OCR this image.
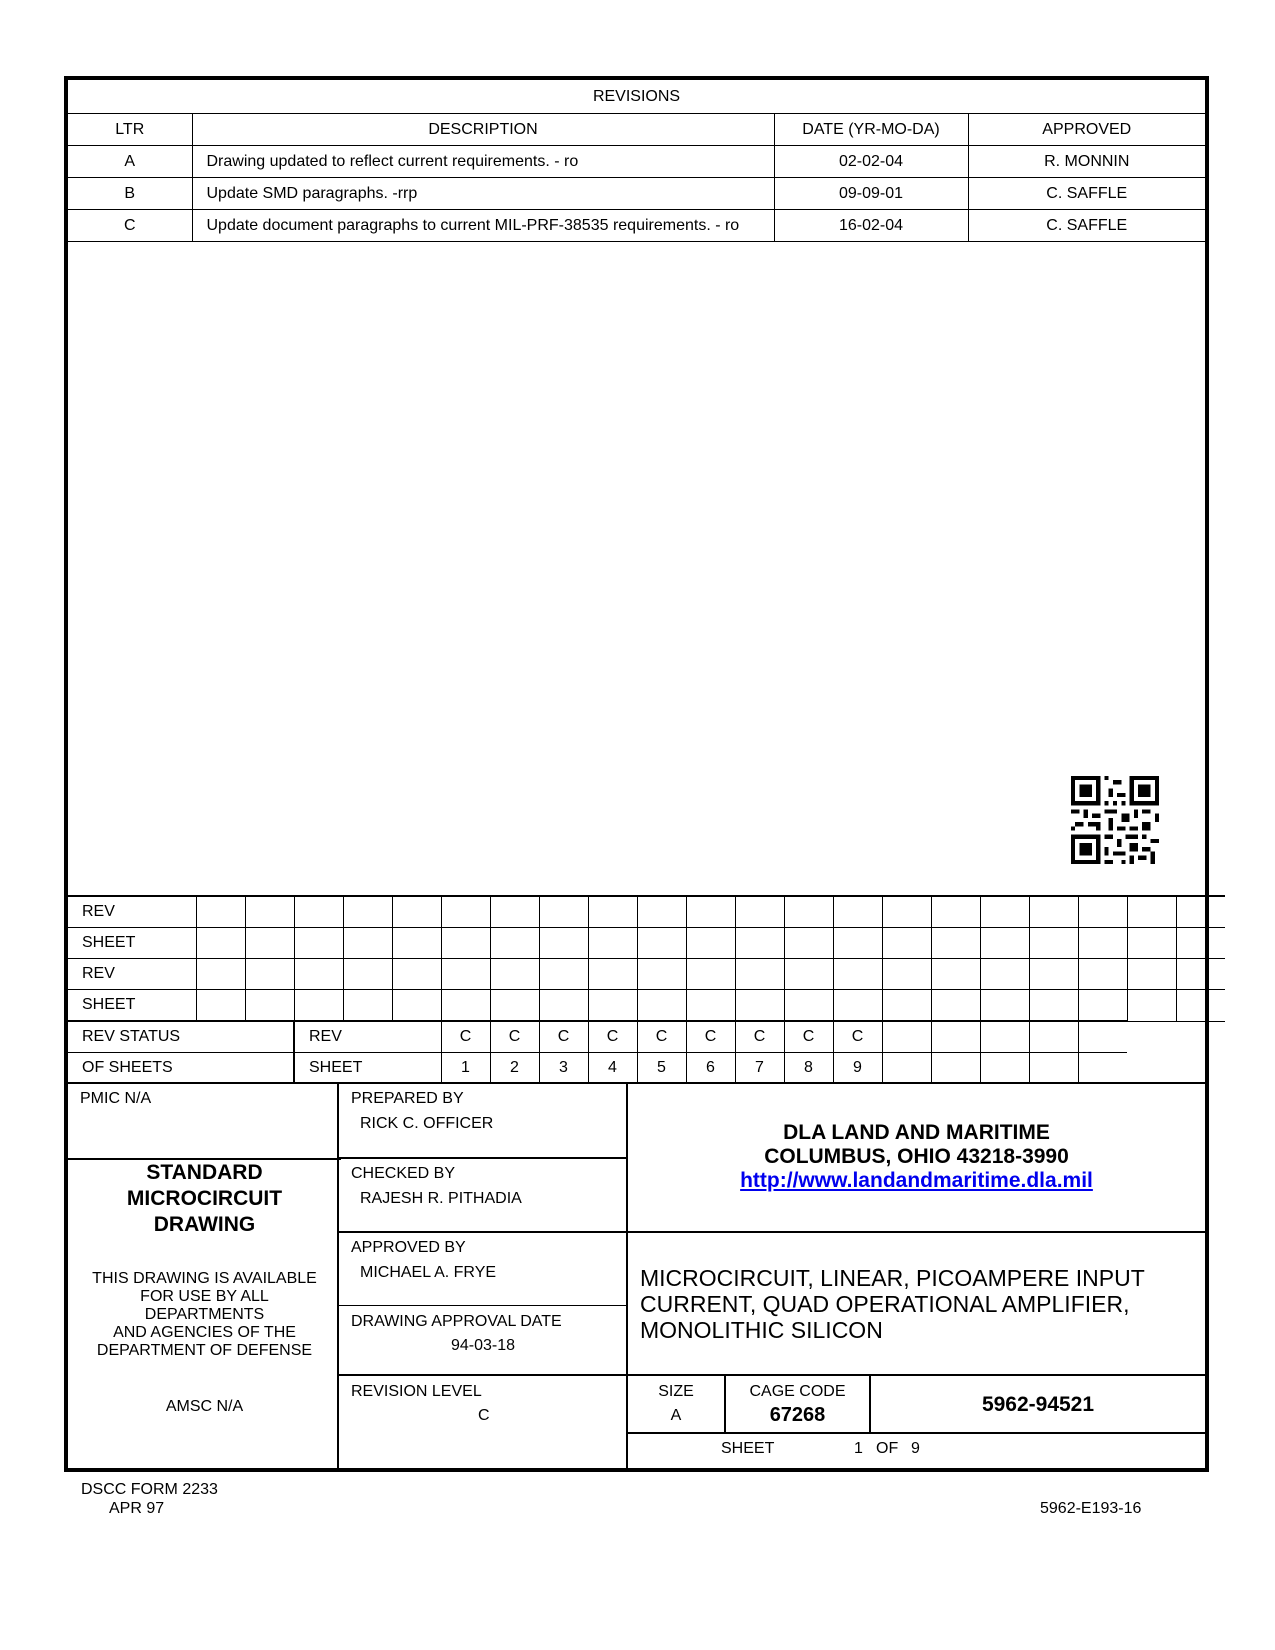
REVISIONS			
LTR	DESCRIPTION	DATE (YR-MO-DA)	APPROVED
A	Drawing updated to reflect current requirements. - ro	02-02-04	R. MONNIN
B	Update SMD paragraphs. -rrp	09-09-01	C. SAFFLE
C	Update document paragraphs to current MIL-PRF-38535 requirements. - ro	16-02-04	C. SAFFLE
REV																					
SHEET																					
REV																					
SHEET																					
REV STATUS			REV			C	C	C	C	C	C	C	C	C							
OF SHEETS			SHEET			1	2	3	4	5	6	7	8	9							
PMIC N/A
STANDARD
MICROCIRCUIT
DRAWING
THIS DRAWING IS AVAILABLE
FOR USE BY ALL
DEPARTMENTS
AND AGENCIES OF THE
DEPARTMENT OF DEFENSE
AMSC N/A
PREPARED BY
RICK C. OFFICER
CHECKED BY
RAJESH R. PITHADIA
APPROVED BY
MICHAEL A. FRYE
DRAWING APPROVAL DATE
94-03-18
REVISION LEVEL
C
DLA LAND AND MARITIME
COLUMBUS, OHIO 43218-3990
http://www.landandmaritime.dla.mil
MICROCIRCUIT, LINEAR, PICOAMPERE INPUT
CURRENT, QUAD OPERATIONAL AMPLIFIER,
MONOLITHIC SILICON
SIZE
A
CAGE CODE
67268	5962-94521
SHEET	1 OF 9
DSCC FORM 2233
APR 97	5962-E193-16
